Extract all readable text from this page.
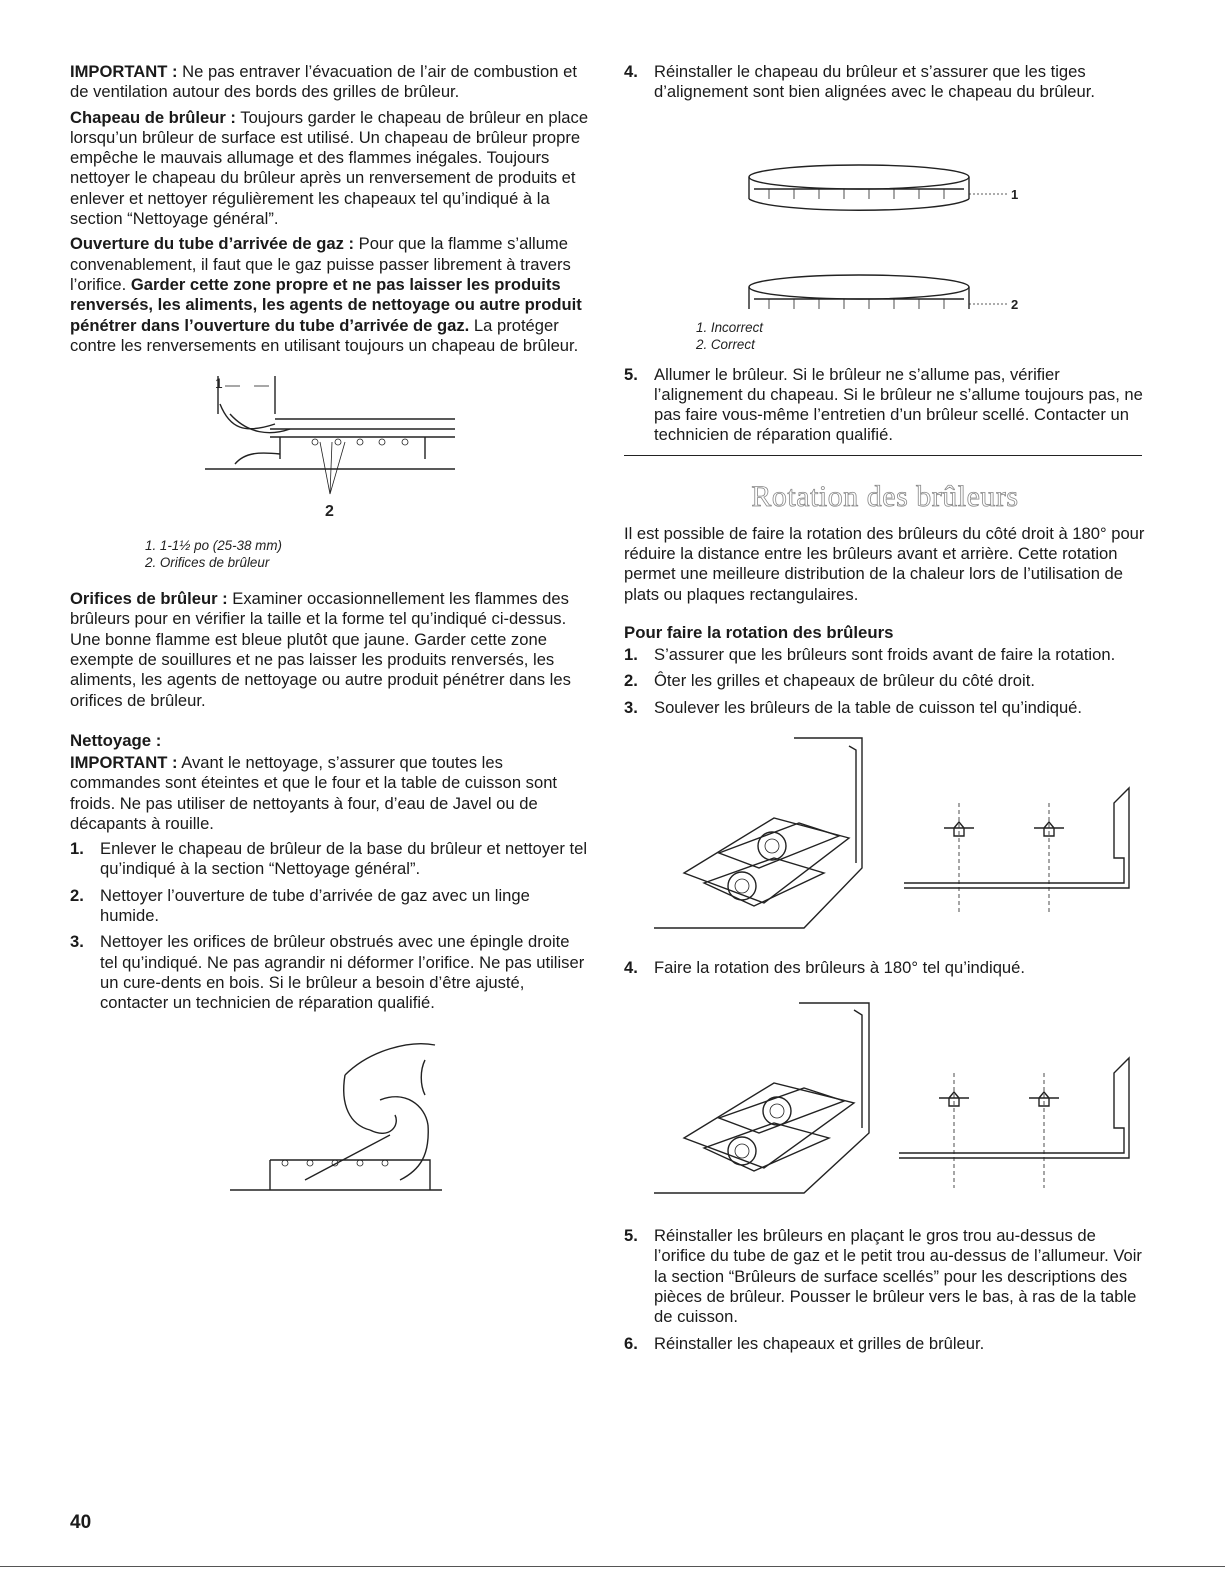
IMPORTANT : Ne pas entraver l’évacuation de l’air de combustion et de ventilation autour des bords des grilles de brûleur.

Chapeau de brûleur : Toujours garder le chapeau de brûleur en place lorsqu’un brûleur de surface est utilisé. Un chapeau de brûleur propre empêche le mauvais allumage et des flammes inégales. Toujours nettoyer le chapeau du brûleur après un renversement de produits et enlever et nettoyer régulièrement les chapeaux tel qu’indiqué à la section “Nettoyage général”.

Ouverture du tube d’arrivée de gaz : Pour que la flamme s’allume convenablement, il faut que le gaz puisse passer librement à travers l’orifice. Garder cette zone propre et ne pas laisser les produits renversés, les aliments, les agents de nettoyage ou autre produit pénétrer dans l’ouverture du tube d’arrivée de gaz. La protéger contre les renversements en utilisant toujours un chapeau de brûleur.

1
2
1. 1-1½ po (25-38 mm)
2. Orifices de brûleur

Orifices de brûleur : Examiner occasionnellement les flammes des brûleurs pour en vérifier la taille et la forme tel qu’indiqué ci-dessus. Une bonne flamme est bleue plutôt que jaune. Garder cette zone exempte de souillures et ne pas laisser les produits renversés, les aliments, les agents de nettoyage ou autre produit pénétrer dans les orifices de brûleur.

Nettoyage :

IMPORTANT : Avant le nettoyage, s’assurer que toutes les commandes sont éteintes et que le four et la table de cuisson sont froids. Ne pas utiliser de nettoyants à four, d’eau de Javel ou de décapants à rouille.

1. Enlever le chapeau de brûleur de la base du brûleur et nettoyer tel qu’indiqué à la section “Nettoyage général”.
2. Nettoyer l’ouverture de tube d’arrivée de gaz avec un linge humide.
3. Nettoyer les orifices de brûleur obstrués avec une épingle droite tel qu’indiqué. Ne pas agrandir ni déformer l’orifice. Ne pas utiliser un cure-dents en bois. Si le brûleur a besoin d’être ajusté, contacter un technicien de réparation qualifié.
4. Réinstaller le chapeau du brûleur et s’assurer que les tiges d’alignement sont bien alignées avec le chapeau du brûleur.
1
2
1. Incorrect
2. Correct
5. Allumer le brûleur. Si le brûleur ne s’allume pas, vérifier l’alignement du chapeau. Si le brûleur ne s’allume toujours pas, ne pas faire vous-même l’entretien d’un brûleur scellé. Contacter un technicien de réparation qualifié.
Rotation des brûleurs

Il est possible de faire la rotation des brûleurs du côté droit à 180° pour réduire la distance entre les brûleurs avant et arrière. Cette rotation permet une meilleure distribution de la chaleur lors de l’utilisation de plats ou plaques rectangulaires.

Pour faire la rotation des brûleurs
1. S’assurer que les brûleurs sont froids avant de faire la rotation.
2. Ôter les grilles et chapeaux de brûleur du côté droit.
3. Soulever les brûleurs de la table de cuisson tel qu’indiqué.
4. Faire la rotation des brûleurs à 180° tel qu’indiqué.
5. Réinstaller les brûleurs en plaçant le gros trou au-dessus de l’orifice du tube de gaz et le petit trou au-dessus de l’allumeur. Voir la section “Brûleurs de surface scellés” pour les descriptions des pièces de brûleur. Pousser le brûleur vers le bas, à ras de la table de cuisson.
6. Réinstaller les chapeaux et grilles de brûleur.
40
